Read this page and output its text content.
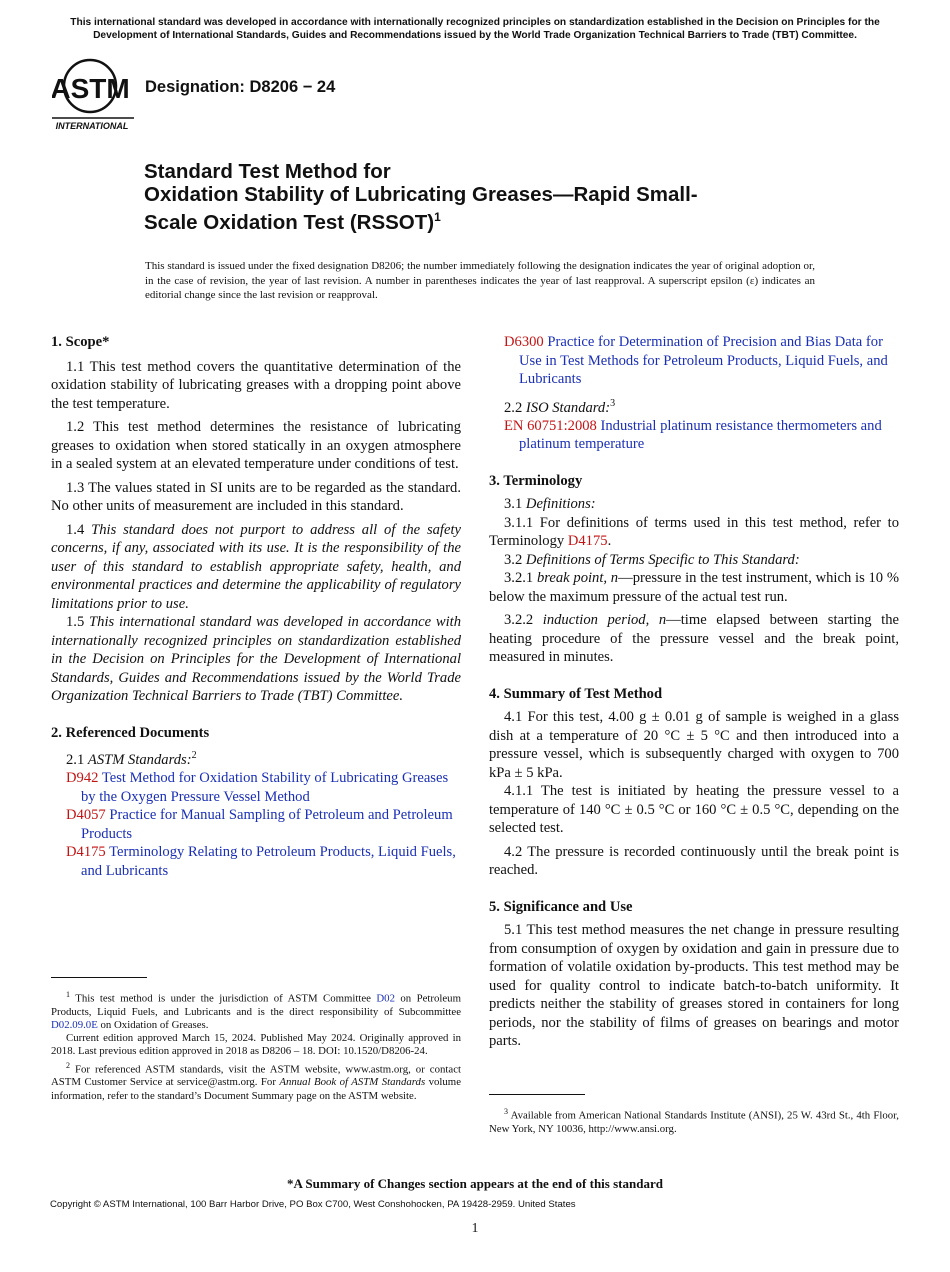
This international standard was developed in accordance with internationally recognized principles on standardization established in the Decision on Principles for the Development of International Standards, Guides and Recommendations issued by the World Trade Organization Technical Barriers to Trade (TBT) Committee.
ASTM
INTERNATIONAL
Designation: D8206 − 24
Standard Test Method for
Oxidation Stability of Lubricating Greases—Rapid Small-
Scale Oxidation Test (RSSOT)$^1$
This standard is issued under the fixed designation D8206; the number immediately following the designation indicates the year of original adoption or, in the case of revision, the year of last revision. A number in parentheses indicates the year of last reapproval. A superscript epsilon (ε) indicates an editorial change since the last revision or reapproval.

1. Scope*

1.1 This test method covers the quantitative determination of the oxidation stability of lubricating greases with a dropping point above the test temperature.

1.2 This test method determines the resistance of lubricating greases to oxidation when stored statically in an oxygen atmosphere in a sealed system at an elevated temperature under conditions of test.

1.3 The values stated in SI units are to be regarded as the standard. No other units of measurement are included in this standard.

1.4 This standard does not purport to address all of the safety concerns, if any, associated with its use. It is the responsibility of the user of this standard to establish appropriate safety, health, and environmental practices and determine the applicability of regulatory limitations prior to use.

1.5 This international standard was developed in accordance with internationally recognized principles on standardization established in the Decision on Principles for the Development of International Standards, Guides and Recommendations issued by the World Trade Organization Technical Barriers to Trade (TBT) Committee.

2. Referenced Documents

2.1 ASTM Standards:$^2$

D942 Test Method for Oxidation Stability of Lubricating Greases by the Oxygen Pressure Vessel Method

D4057 Practice for Manual Sampling of Petroleum and Petroleum Products

D4175 Terminology Relating to Petroleum Products, Liquid Fuels, and Lubricants

$^1$ This test method is under the jurisdiction of ASTM Committee D02 on Petroleum Products, Liquid Fuels, and Lubricants and is the direct responsibility of Subcommittee D02.09.0E on Oxidation of Greases.

Current edition approved March 15, 2024. Published May 2024. Originally approved in 2018. Last previous edition approved in 2018 as D8206 – 18. DOI: 10.1520/D8206-24.

$^2$ For referenced ASTM standards, visit the ASTM website, www.astm.org, or contact ASTM Customer Service at service@astm.org. For Annual Book of ASTM Standards volume information, refer to the standard’s Document Summary page on the ASTM website.

D6300 Practice for Determination of Precision and Bias Data for Use in Test Methods for Petroleum Products, Liquid Fuels, and Lubricants

2.2 ISO Standard:$^3$

EN 60751:2008 Industrial platinum resistance thermometers and platinum temperature

3. Terminology

3.1 Definitions:

3.1.1 For definitions of terms used in this test method, refer to Terminology D4175.

3.2 Definitions of Terms Specific to This Standard:

3.2.1 break point, n—pressure in the test instrument, which is 10 % below the maximum pressure of the actual test run.

3.2.2 induction period, n—time elapsed between starting the heating procedure of the pressure vessel and the break point, measured in minutes.

4. Summary of Test Method

4.1 For this test, 4.00 g ± 0.01 g of sample is weighed in a glass dish at a temperature of 20 °C ± 5 °C and then introduced into a pressure vessel, which is subsequently charged with oxygen to 700 kPa ± 5 kPa.

4.1.1 The test is initiated by heating the pressure vessel to a temperature of 140 °C ± 0.5 °C or 160 °C ± 0.5 °C, depending on the selected test.

4.2 The pressure is recorded continuously until the break point is reached.

5. Significance and Use

5.1 This test method measures the net change in pressure resulting from consumption of oxygen by oxidation and gain in pressure due to formation of volatile oxidation by-products. This test method may be used for quality control to indicate batch-to-batch uniformity. It predicts neither the stability of greases stored in containers for long periods, nor the stability of films of greases on bearings and motor parts.

$^3$ Available from American National Standards Institute (ANSI), 25 W. 43rd St., 4th Floor, New York, NY 10036, http://www.ansi.org.

*A Summary of Changes section appears at the end of this standard
Copyright © ASTM International, 100 Barr Harbor Drive, PO Box C700, West Conshohocken, PA 19428-2959. United States
1
